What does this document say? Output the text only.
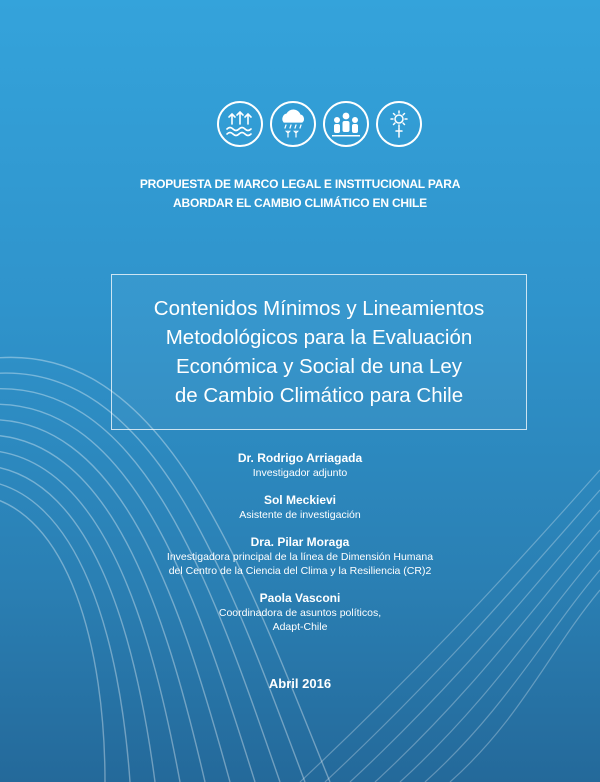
PROPUESTA DE MARCO LEGAL E INSTITUCIONAL PARA
ABORDAR EL CAMBIO CLIMÁTICO EN CHILE
Contenidos Mínimos y Lineamientos
Metodológicos para la Evaluación
Económica y Social de una Ley
de Cambio Climático para Chile
Dr. Rodrigo Arriagada
Investigador adjunto
Sol Meckievi
Asistente de investigación
Dra. Pilar Moraga
Investigadora principal de la línea de Dimensión Humana
del Centro de la Ciencia del Clima y la Resiliencia (CR)2
Paola Vasconi
Coordinadora de asuntos políticos,
Adapt-Chile
Abril 2016
